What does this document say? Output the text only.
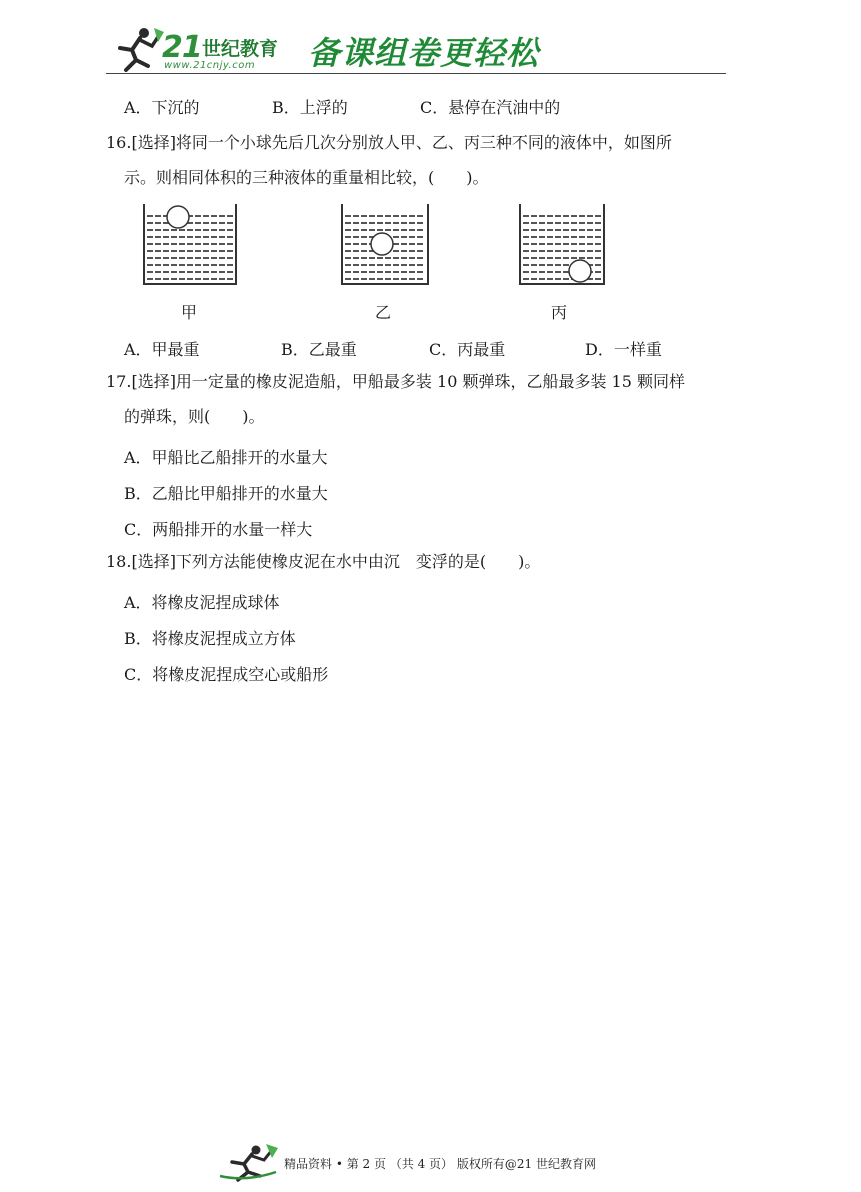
21 世纪教育
www.21cnjy.com 备课组卷更轻松
A．下沉的	B．上浮的	C．悬停在汽油中的
16.[选择]将同一个小球先后几次分别放人甲、乙、丙三种不同的液体中，如图所
示。则相同体积的三种液体的重量相比较，(　　)。
甲	乙	丙
A．甲最重	B．乙最重	C．丙最重	D．一样重
17.[选择]用一定量的橡皮泥造船，甲船最多装 10 颗弹珠，乙船最多装 15 颗同样
的弹珠，则(　　)。
A．甲船比乙船排开的水量大
B．乙船比甲船排开的水量大
C．两船排开的水量一样大
18.[选择]下列方法能使橡皮泥在水中由沉　变浮的是(　　)。
A．将橡皮泥捏成球体
B．将橡皮泥捏成立方体
C．将橡皮泥捏成空心或船形
精品资料 • 第 2 页 （共 4 页） 版权所有@21 世纪教育网
